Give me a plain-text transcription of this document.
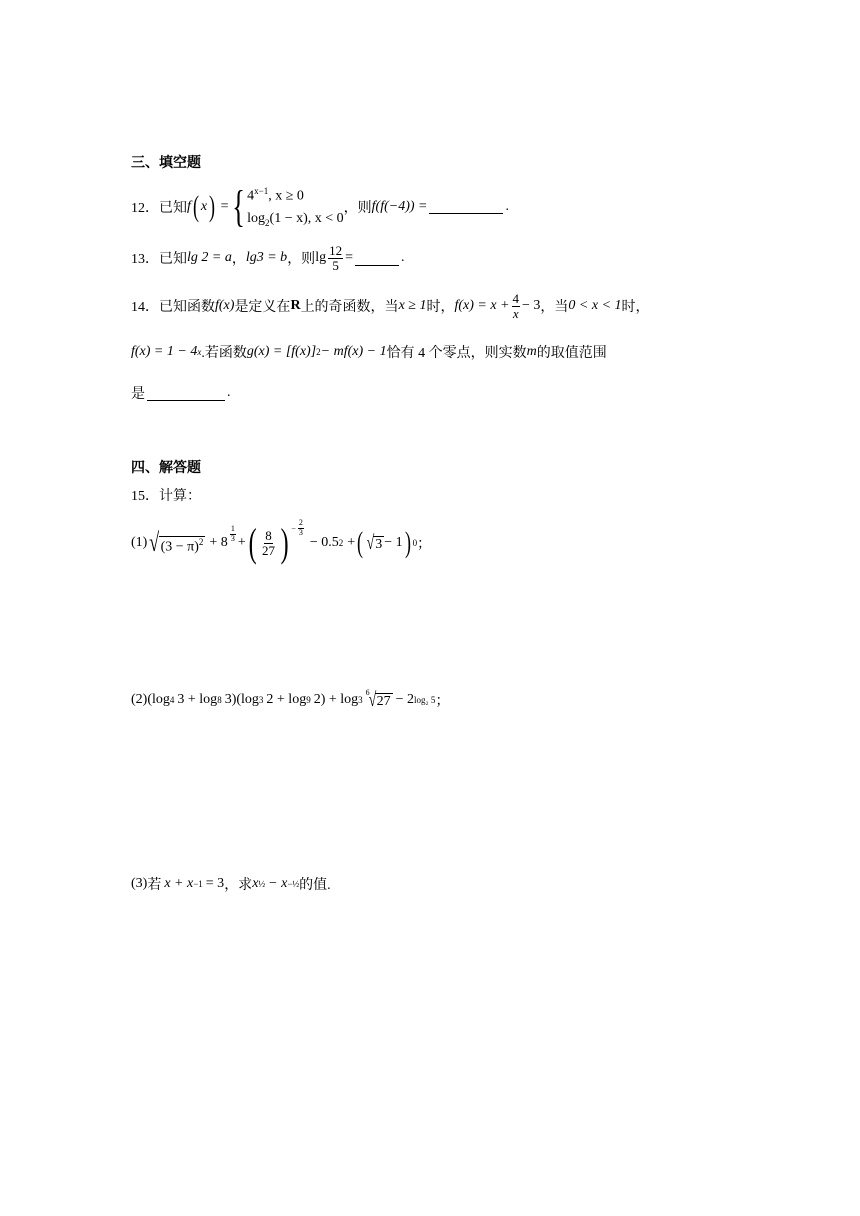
三、填空题
12． 已知 f ( x ) = { $4^{x-1}$, x ≥ 0
$\log_2(1 - x)$, x < 0
，则 f(f(−4)) =	.
13． 已知 lg 2 = a ， lg3 = b ，则 $\lg \frac{12}{5}$ =	.
14． 已知函数 f(x) 是定义在 R 上的奇函数，当 x ≥ 1 时， $f(x) = x + \frac{4}{x} - 3$ ，当 0 < x < 1 时，
f(x) = 1 − 4 x .若函数 g(x) = [f(x)] 2 − mf(x) − 1 恰有 4 个零点，则实数 m 的取值范围
是	.
四、解答题
15． 计算：
(1) √ $(3 - \pi)^2 + 8 \frac{1}{3}$ + ( $\frac{8}{27}$ ) − $\frac{2}{3}$
− 0.5 2 + ( √ 3 − 1 ) 0 ；
(2) (log 4 3 + log 8 3)(log 3 2 + log 9 2) + log 3
6
√ 27 − 2 log₂ 5 ；
(3) 若 x + x −1 = 3 ，求 x ½ − x −½ 的值.
